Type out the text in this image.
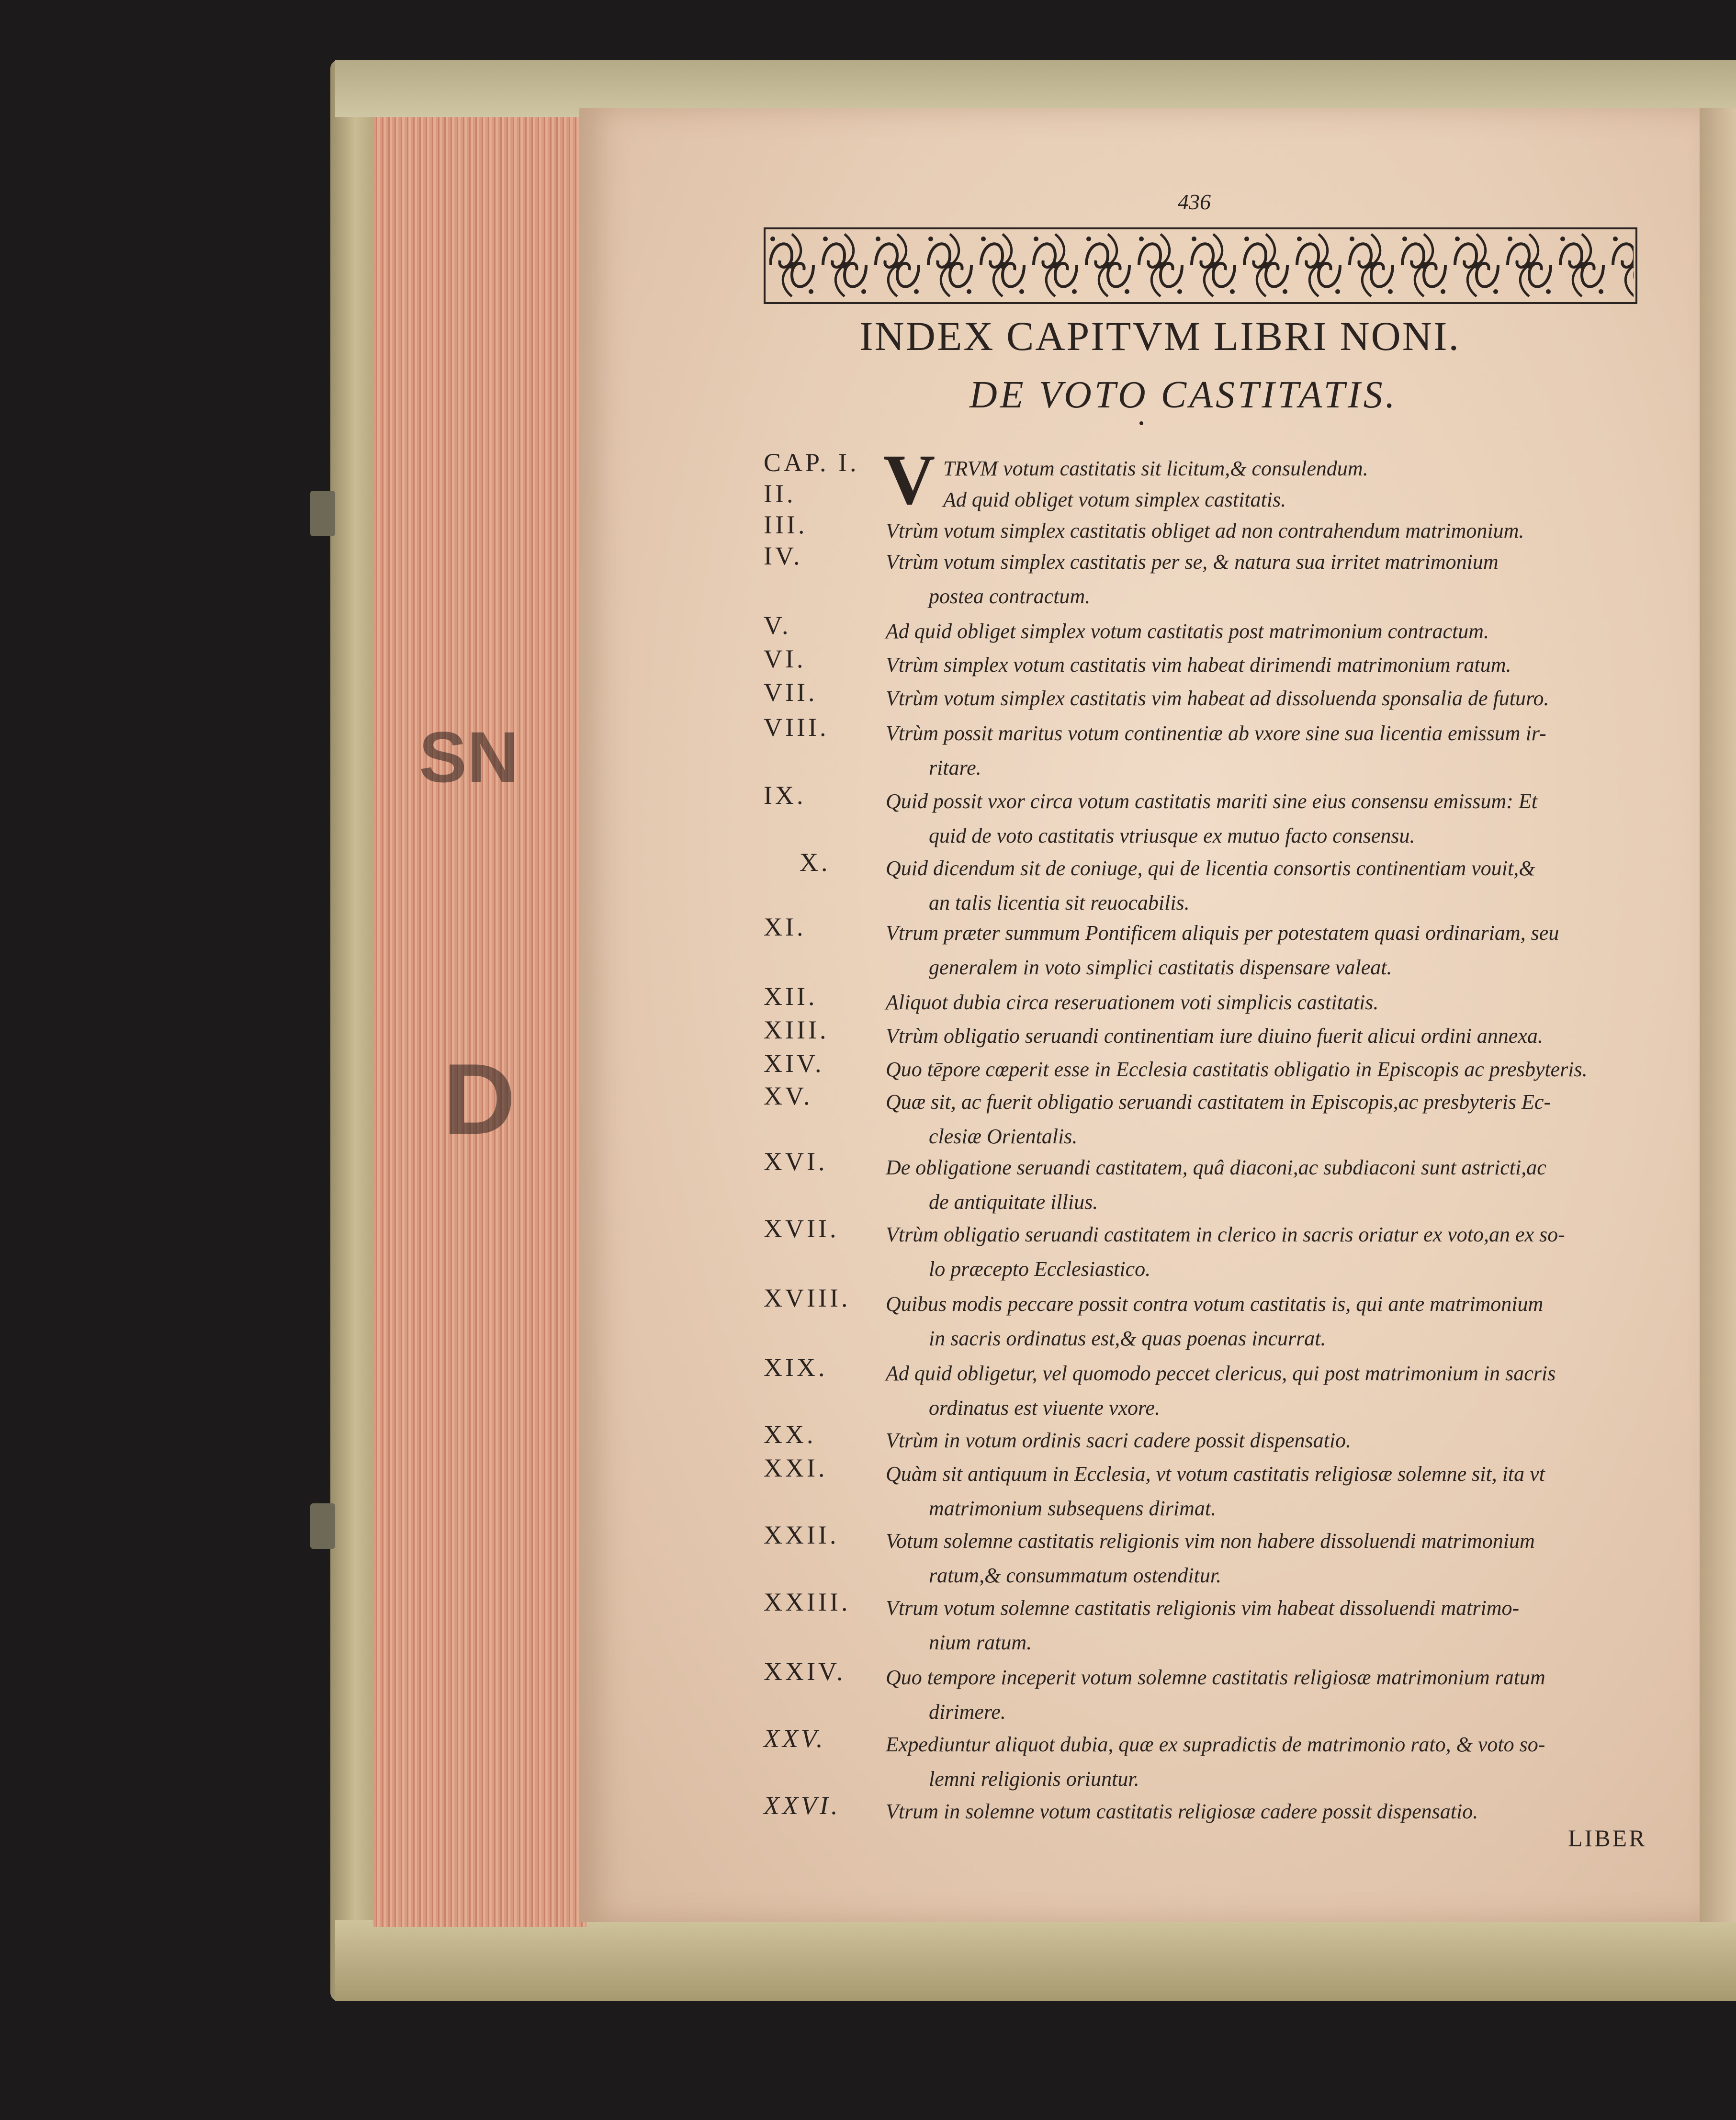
SN
D
436
INDEX CAPITVM LIBRI NONI.
DE VOTO CASTITATIS.
CAP. I. V TRVM votum castitatis sit licitum,& consulendum.
II.	Ad quid obliget votum simplex castitatis.
III.	Vtrùm votum simplex castitatis obliget ad non contrahendum matrimonium.
IV.	Vtrùm votum simplex castitatis per se, & natura sua irritet matrimonium
postea contractum.
V.	Ad quid obliget simplex votum castitatis post matrimonium contractum.
VI.	Vtrùm simplex votum castitatis vim habeat dirimendi matrimonium ratum.
VII.	Vtrùm votum simplex castitatis vim habeat ad dissoluenda sponsalia de futuro.
VIII.	Vtrùm possit maritus votum continentiæ ab vxore sine sua licentia emissum ir-
ritare.
IX.	Quid possit vxor circa votum castitatis mariti sine eius consensu emissum: Et
quid de voto castitatis vtriusque ex mutuo facto consensu.
X.	Quid dicendum sit de coniuge, qui de licentia consortis continentiam vouit,&
an talis licentia sit reuocabilis.
XI.	Vtrum præter summum Pontificem aliquis per potestatem quasi ordinariam, seu
generalem in voto simplici castitatis dispensare valeat.
XII.	Aliquot dubia circa reseruationem voti simplicis castitatis.
XIII.	Vtrùm obligatio seruandi continentiam iure diuino fuerit alicui ordini annexa.
XIV.	Quo tēpore cœperit esse in Ecclesia castitatis obligatio in Episcopis ac presbyteris.
XV.	Quæ sit, ac fuerit obligatio seruandi castitatem in Episcopis,ac presbyteris Ec-
clesiæ Orientalis.
XVI.	De obligatione seruandi castitatem, quâ diaconi,ac subdiaconi sunt astricti,ac
de antiquitate illius.
XVII. Vtrùm obligatio seruandi castitatem in clerico in sacris oriatur ex voto,an ex so-
lo præcepto Ecclesiastico.
XVIII. Quibus modis peccare possit contra votum castitatis is, qui ante matrimonium
in sacris ordinatus est,& quas poenas incurrat.
XIX.	Ad quid obligetur, vel quomodo peccet clericus, qui post matrimonium in sacris
ordinatus est viuente vxore.
XX.	Vtrùm in votum ordinis sacri cadere possit dispensatio.
XXI.	Quàm sit antiquum in Ecclesia, vt votum castitatis religiosæ solemne sit, ita vt
matrimonium subsequens dirimat.
XXII. Votum solemne castitatis religionis vim non habere dissoluendi matrimonium
ratum,& consummatum ostenditur.
XXIII. Vtrum votum solemne castitatis religionis vim habeat dissoluendi matrimo-
nium ratum.
XXIV. Quo tempore inceperit votum solemne castitatis religiosæ matrimonium ratum
dirimere.
XXV.	Expediuntur aliquot dubia, quæ ex supradictis de matrimonio rato, & voto so-
lemni religionis oriuntur.
XXVI. Vtrum in solemne votum castitatis religiosæ cadere possit dispensatio.
LIBER
